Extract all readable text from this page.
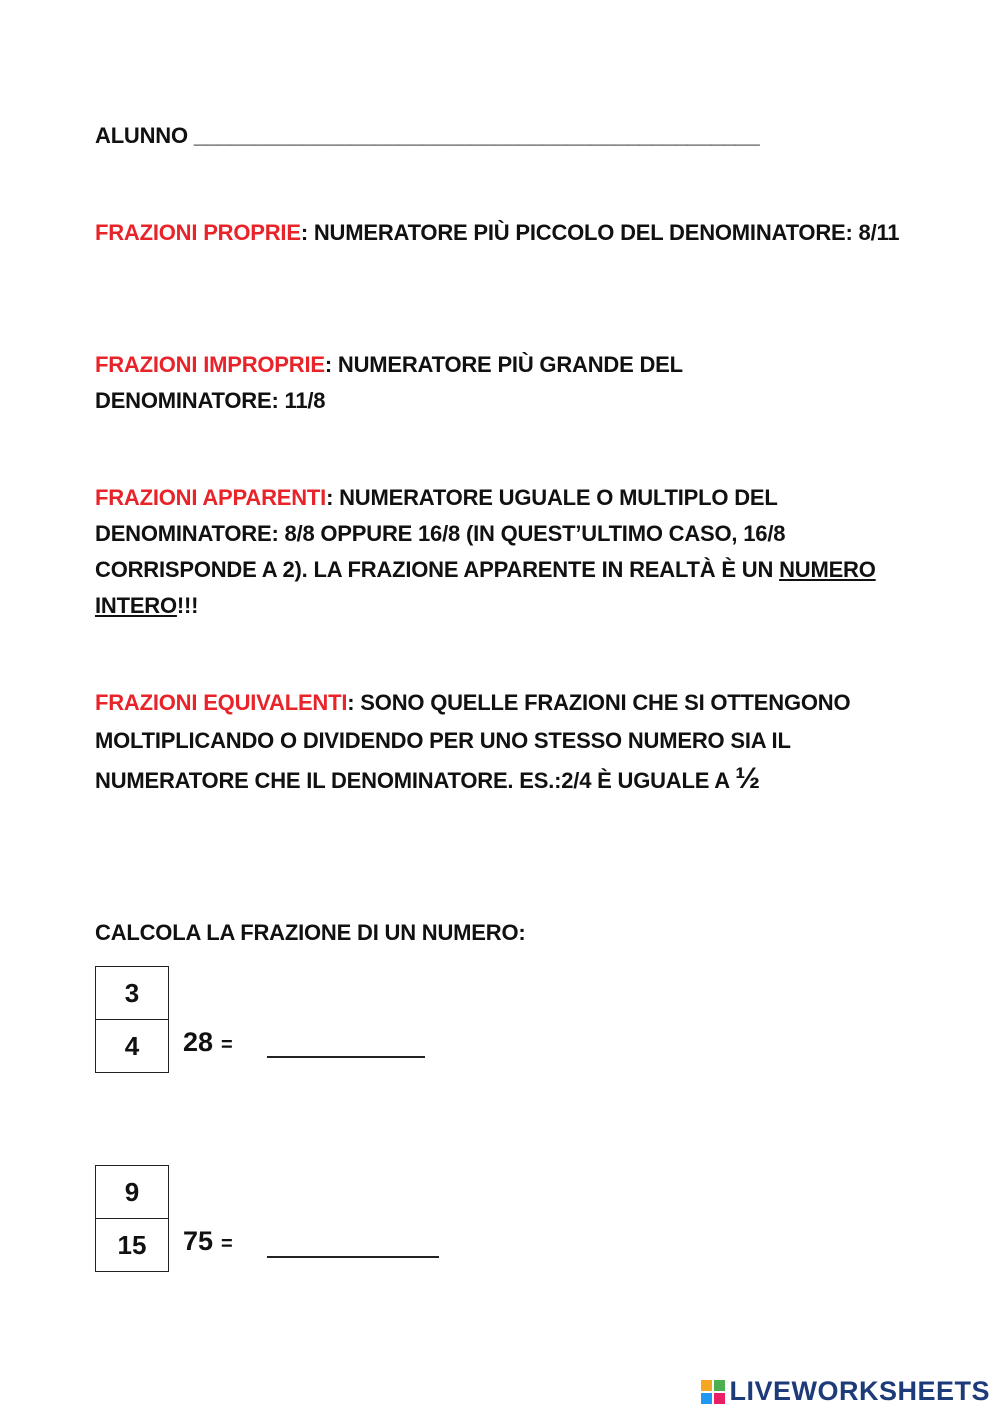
ALUNNO _______________________________________________
FRAZIONI PROPRIE: NUMERATORE PIÙ PICCOLO DEL DENOMINATORE: 8/11
FRAZIONI IMPROPRIE: NUMERATORE PIÙ GRANDE DEL DENOMINATORE: 11/8
FRAZIONI APPARENTI: NUMERATORE UGUALE O MULTIPLO DEL DENOMINATORE: 8/8 OPPURE 16/8 (IN QUEST’ULTIMO CASO, 16/8 CORRISPONDE A 2). LA FRAZIONE APPARENTE IN REALTÀ È UN NUMERO INTERO!!!
FRAZIONI EQUIVALENTI: SONO QUELLE FRAZIONI CHE SI OTTENGONO MOLTIPLICANDO O DIVIDENDO PER UNO STESSO NUMERO SIA IL NUMERATORE CHE IL DENOMINATORE. ES.:2/4 È UGUALE A ½
CALCOLA LA FRAZIONE DI UN NUMERO:
$\frac{3}{4} 28$ =
$\frac{9}{15} 75$ =
LIVEWORKSHEETS
